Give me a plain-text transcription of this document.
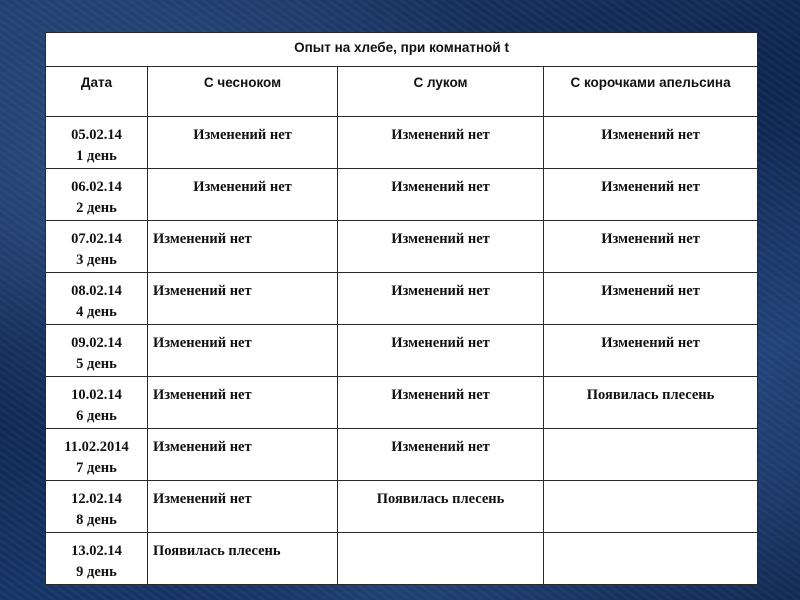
Опыт на хлебе, при комнатной t			
Дата	С чесноком	С луком	С корочками апельсина

05.02.14
1 день	Изменений нет	Изменений нет	Изменений нет

06.02.14
2 день	Изменений нет	Изменений нет	Изменений нет

07.02.14
3 день	Изменений нет	Изменений нет	Изменений нет

08.02.14
4 день	Изменений нет	Изменений нет	Изменений нет

09.02.14
5 день	Изменений нет	Изменений нет	Изменений нет

10.02.14
6 день	Изменений нет	Изменений нет	Появилась плесень

11.02.2014
7 день	Изменений нет	Изменений нет	

12.02.14
8 день	Изменений нет	Появилась плесень	

13.02.14
9 день	Появилась плесень		
